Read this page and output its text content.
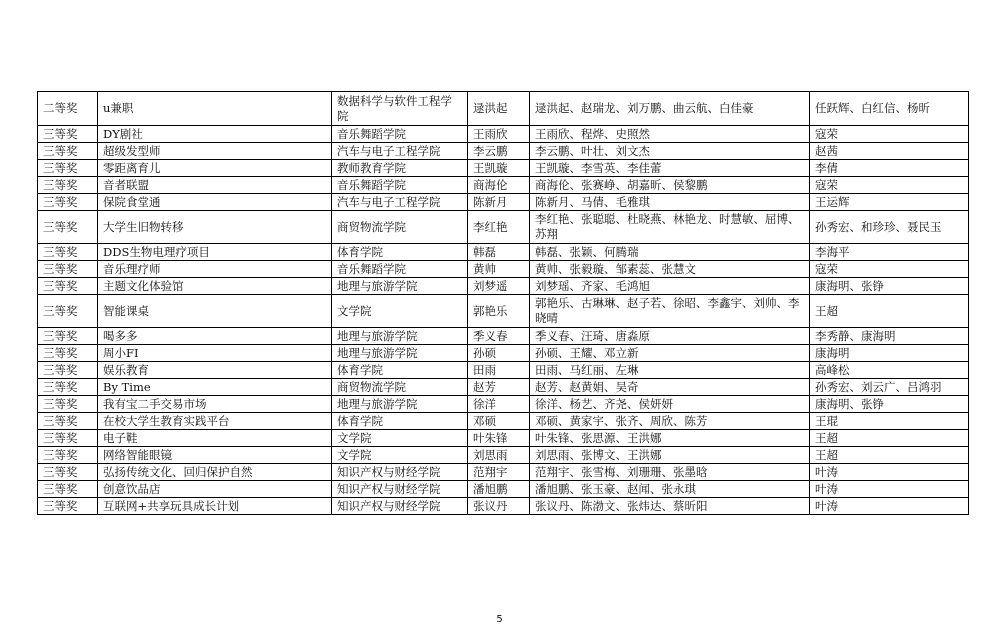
二等奖	u兼职	数据科学与软件工程学院	逯洪起	逯洪起、赵瑞龙、刘万鹏、曲云航、白佳豪	任跃辉、白红信、杨昕
三等奖	DY剧社	音乐舞蹈学院	王雨欣	王雨欣、程烨、史照然	寇荣
三等奖	超级发型师	汽车与电子工程学院	李云鹏	李云鹏、叶壮、刘文杰	赵茜
三等奖	零距离育儿	教师教育学院	王凯璇	王凯璇、李雪英、李佳蕾	李倩
三等奖	音者联盟	音乐舞蹈学院	商海伦	商海伦、张赛峥、胡嘉昕、侯黎鹏	寇荣
三等奖	保院食堂通	汽车与电子工程学院	陈新月	陈新月、马倩、毛雅琪	王运辉
三等奖	大学生旧物转移	商贸物流学院	李红艳	李红艳、张聪聪、杜晓燕、林艳龙、时慧敏、屈博、苏翔	孙秀宏、和珍珍、聂民玉
三等奖	DDS生物电理疗项目	体育学院	韩磊	韩磊、张颖、何腾瑞	李海平
三等奖	音乐理疗师	音乐舞蹈学院	黄帅	黄帅、张毅璇、邹素蕊、张慧文	寇荣
三等奖	主题文化体验馆	地理与旅游学院	刘梦遥	刘梦瑶、齐家、毛鸿旭	康海明、张铮
三等奖	智能课桌	文学院	郭艳乐	郭艳乐、古琳琳、赵子若、徐昭、李鑫宇、刘帅、李晓晴	王超
三等奖	喝多多	地理与旅游学院	季义春	季义春、汪琦、唐淼原	李秀静、康海明
三等奖	周小FI	地理与旅游学院	孙硕	孙硕、王耀、邓立新	康海明
三等奖	娱乐教育	体育学院	田雨	田雨、马红丽、左琳	高峰松
三等奖	By Time	商贸物流学院	赵芳	赵芳、赵黄娟、吴奇	孙秀宏、刘云广、吕鸿羽
三等奖	我有宝二手交易市场	地理与旅游学院	徐洋	徐洋、杨艺、齐尧、侯妍妍	康海明、张铮
三等奖	在校大学生教育实践平台	体育学院	邓硕	邓硕、黄家宇、张齐、周欣、陈芳	王琨
三等奖	电子鞋	文学院	叶朱锋	叶朱锋、张思源、王洪娜	王超
三等奖	网络智能眼镜	文学院	刘思雨	刘思雨、张博文、王洪娜	王超
三等奖	弘扬传统文化、回归保护自然	知识产权与财经学院	范翔宇	范翔宇、张雪梅、刘珊珊、张墨晗	叶涛
三等奖	创意饮品店	知识产权与财经学院	潘旭鹏	潘旭鹏、张玉豪、赵闻、张永琪	叶涛
三等奖	互联网+共享玩具成长计划	知识产权与财经学院	张议丹	张议丹、陈渤文、张炜达、蔡昕阳	叶涛
5
